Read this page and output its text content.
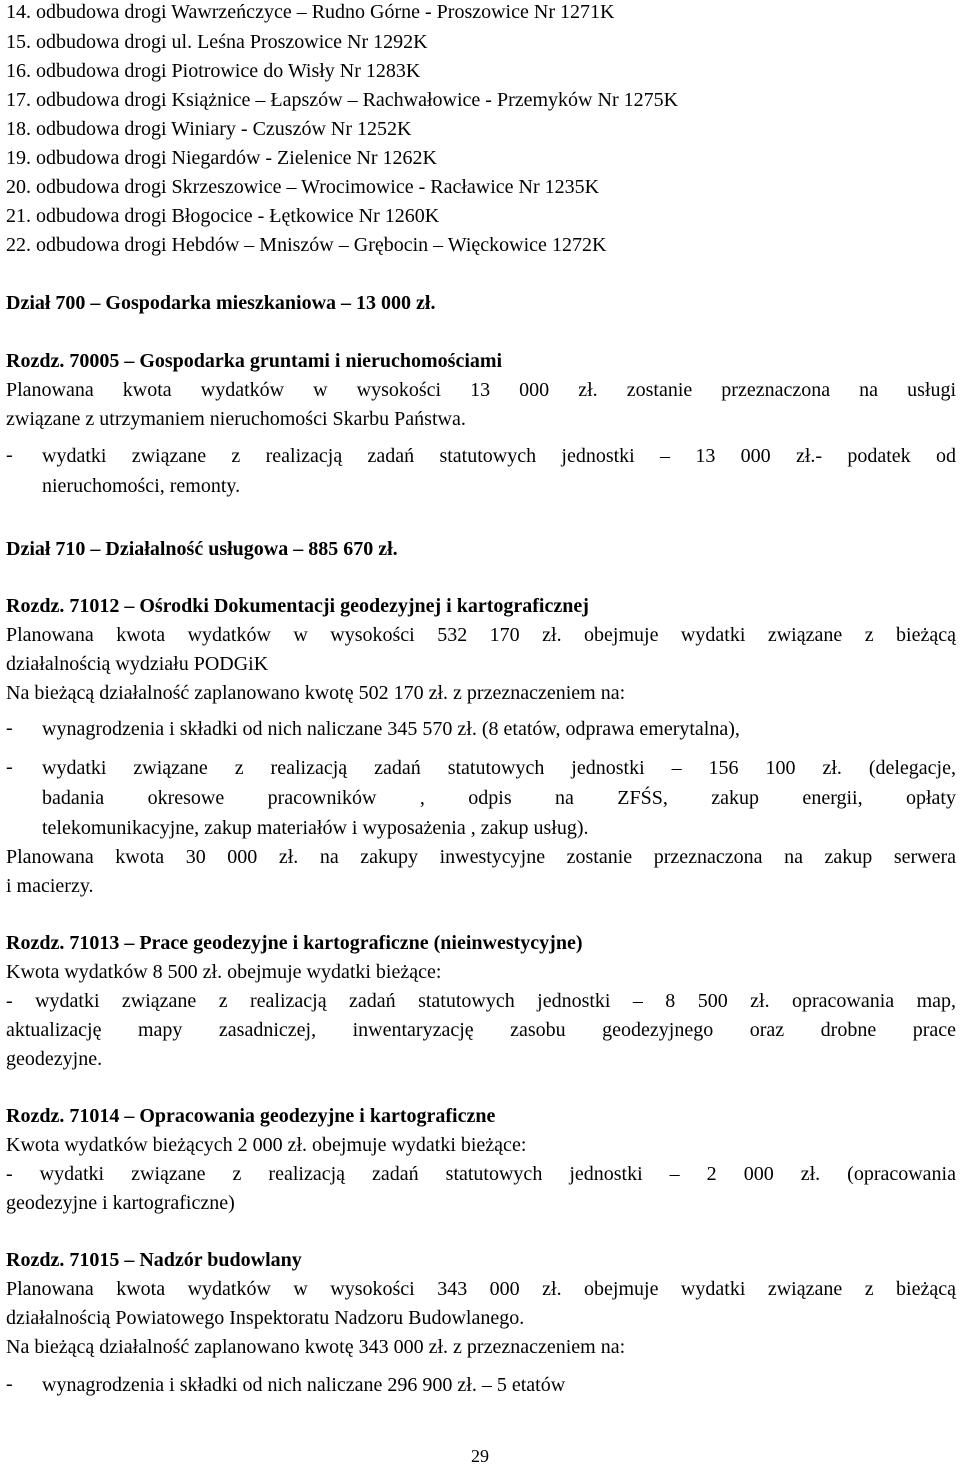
14. odbudowa drogi Wawrzeńczyce – Rudno Górne - Proszowice Nr 1271K
15. odbudowa drogi ul. Leśna Proszowice Nr 1292K
16. odbudowa drogi Piotrowice do Wisły Nr 1283K
17. odbudowa drogi Książnice – Łapszów – Rachwałowice - Przemyków Nr 1275K
18. odbudowa drogi Winiary - Czuszów Nr 1252K
19. odbudowa drogi Niegardów - Zielenice Nr 1262K
20. odbudowa drogi Skrzeszowice – Wrocimowice - Racławice Nr 1235K
21. odbudowa drogi Błogocice - Łętkowice Nr 1260K
22. odbudowa drogi Hebdów – Mniszów – Grębocin – Więckowice 1272K
Dział 700 – Gospodarka mieszkaniowa – 13 000 zł.
Rozdz. 70005 – Gospodarka gruntami i nieruchomościami
Planowana kwota wydatków w wysokości 13 000 zł. zostanie przeznaczona na usługi
związane z utrzymaniem nieruchomości Skarbu Państwa.
- wydatki związane z realizacją zadań statutowych jednostki – 13 000 zł.- podatek od
nieruchomości, remonty.
Dział 710 – Działalność usługowa – 885 670 zł.
Rozdz. 71012 – Ośrodki Dokumentacji geodezyjnej i kartograficznej
Planowana kwota wydatków w wysokości 532 170 zł. obejmuje wydatki związane z bieżącą
działalnością wydziału PODGiK
Na bieżącą działalność zaplanowano kwotę 502 170 zł. z przeznaczeniem na:
- wynagrodzenia i składki od nich naliczane 345 570 zł. (8 etatów, odprawa emerytalna),
- wydatki związane z realizacją zadań statutowych jednostki – 156 100 zł. (delegacje,
badania okresowe pracowników , odpis na ZFŚS, zakup energii, opłaty
telekomunikacyjne, zakup materiałów i wyposażenia , zakup usług).
Planowana kwota 30 000 zł. na zakupy inwestycyjne zostanie przeznaczona na zakup serwera
i macierzy.
Rozdz. 71013 – Prace geodezyjne i kartograficzne (nieinwestycyjne)
Kwota wydatków 8 500 zł. obejmuje wydatki bieżące:
- wydatki związane z realizacją zadań statutowych jednostki – 8 500 zł. opracowania map,
aktualizację mapy zasadniczej, inwentaryzację zasobu geodezyjnego oraz drobne prace
geodezyjne.
Rozdz. 71014 – Opracowania geodezyjne i kartograficzne
Kwota wydatków bieżących 2 000 zł. obejmuje wydatki bieżące:
- wydatki związane z realizacją zadań statutowych jednostki – 2 000 zł. (opracowania
geodezyjne i kartograficzne)
Rozdz. 71015 – Nadzór budowlany
Planowana kwota wydatków w wysokości 343 000 zł. obejmuje wydatki związane z bieżącą
działalnością Powiatowego Inspektoratu Nadzoru Budowlanego.
Na bieżącą działalność zaplanowano kwotę 343 000 zł. z przeznaczeniem na:
- wynagrodzenia i składki od nich naliczane 296 900 zł. – 5 etatów
29
